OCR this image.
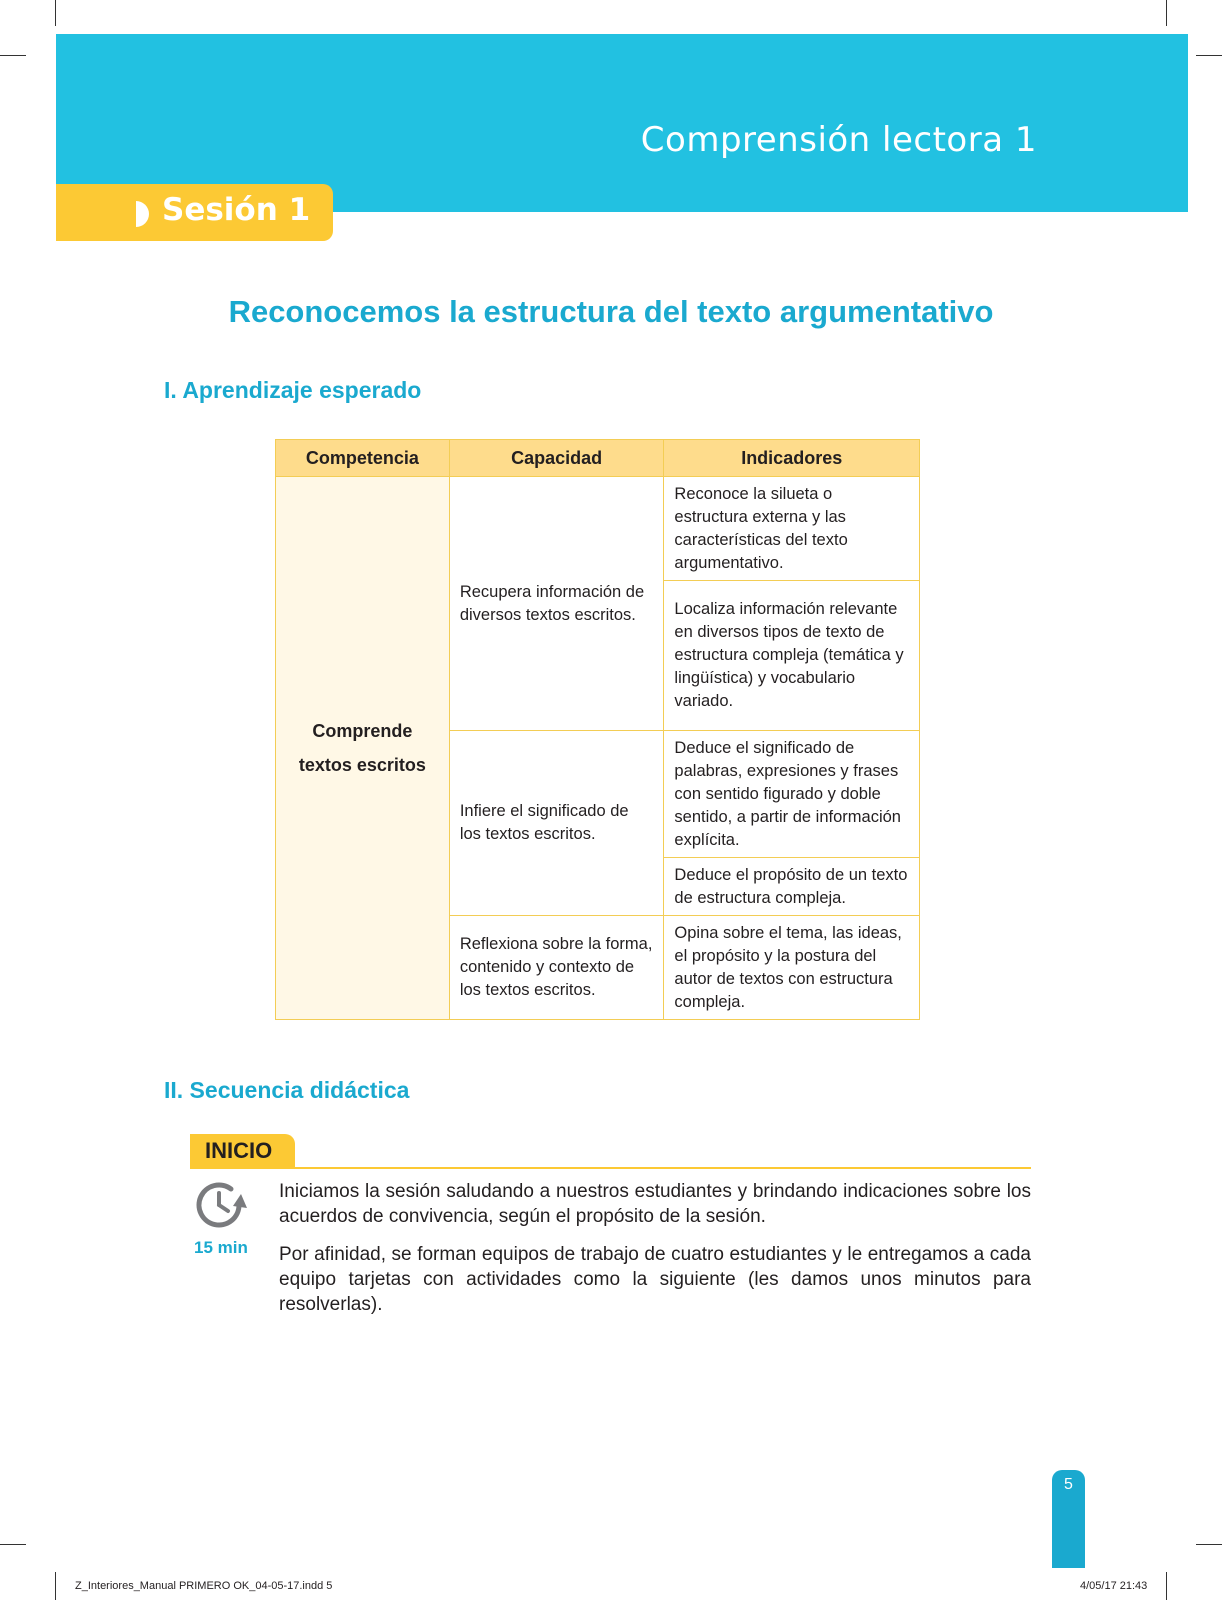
Comprensión lectora 1
Sesión 1
Reconocemos la estructura del texto argumentativo
I. Aprendizaje esperado
Competencia	Capacidad	Indicadores
Comprende
textos escritos	Recupera información de diversos textos escritos.	Reconoce la silueta o estructura externa y las características del texto argumentativo.
		Localiza información relevante en diversos tipos de texto de estructura compleja (temática y lingüística) y vocabulario variado.
	Infiere el significado de los textos escritos.	Deduce el significado de palabras, expresiones y frases con sentido figurado y doble sentido, a partir de información explícita.
		Deduce el propósito de un texto de estructura compleja.
	Reflexiona sobre la forma, contenido y contexto de los textos escritos.	Opina sobre el tema, las ideas, el propósito y la postura del autor de textos con estructura compleja.
II. Secuencia didáctica
INICIO
15 min

Iniciamos la sesión saludando a nuestros estudiantes y brindando indicaciones sobre los acuerdos de convivencia, según el propósito de la sesión.

Por afinidad, se forman equipos de trabajo de cuatro estudiantes y le entregamos a cada equipo tarjetas con actividades como la siguiente (les damos unos minutos para resolverlas).

5
Z_Interiores_Manual PRIMERO OK_04-05-17.indd 5	4/05/17 21:43
